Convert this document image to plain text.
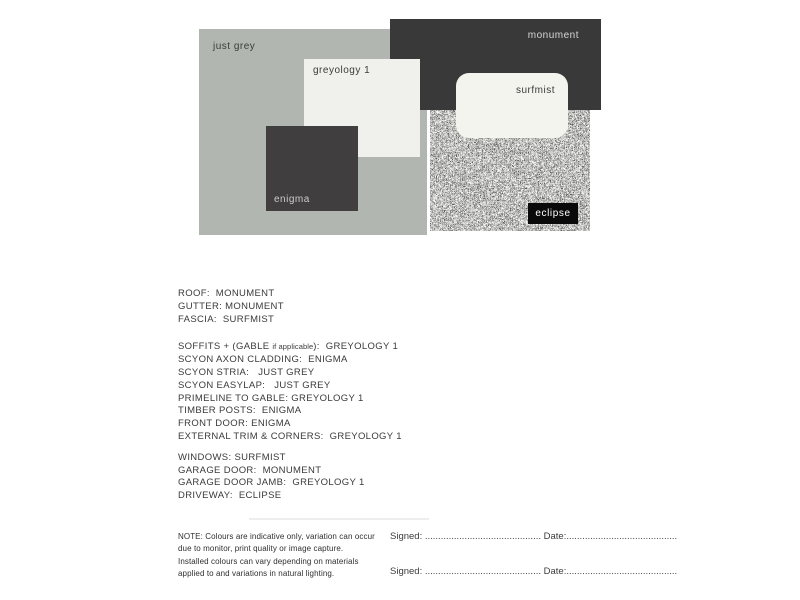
just grey
monument
greyology 1
eclipse
surfmist
enigma
ROOF:  MONUMENT
GUTTER: MONUMENT
FASCIA:  SURFMIST
SOFFITS + (GABLE if applicable):  GREYOLOGY 1
SCYON AXON CLADDING:  ENIGMA
SCYON STRIA:   JUST GREY
SCYON EASYLAP:   JUST GREY
PRIMELINE TO GABLE: GREYOLOGY 1
TIMBER POSTS:  ENIGMA
FRONT DOOR: ENIGMA
EXTERNAL TRIM & CORNERS:  GREYOLOGY 1
WINDOWS: SURFMIST
GARAGE DOOR:  MONUMENT
GARAGE DOOR JAMB:  GREYOLOGY 1
DRIVEWAY:  ECLIPSE
NOTE: Colours are indicative only, variation can occur
due to monitor, print quality or image capture.
Installed colours can vary depending on materials
applied to and variations in natural lighting.
Signed: ............................................ Date:..........................................
Signed: ............................................ Date:..........................................
